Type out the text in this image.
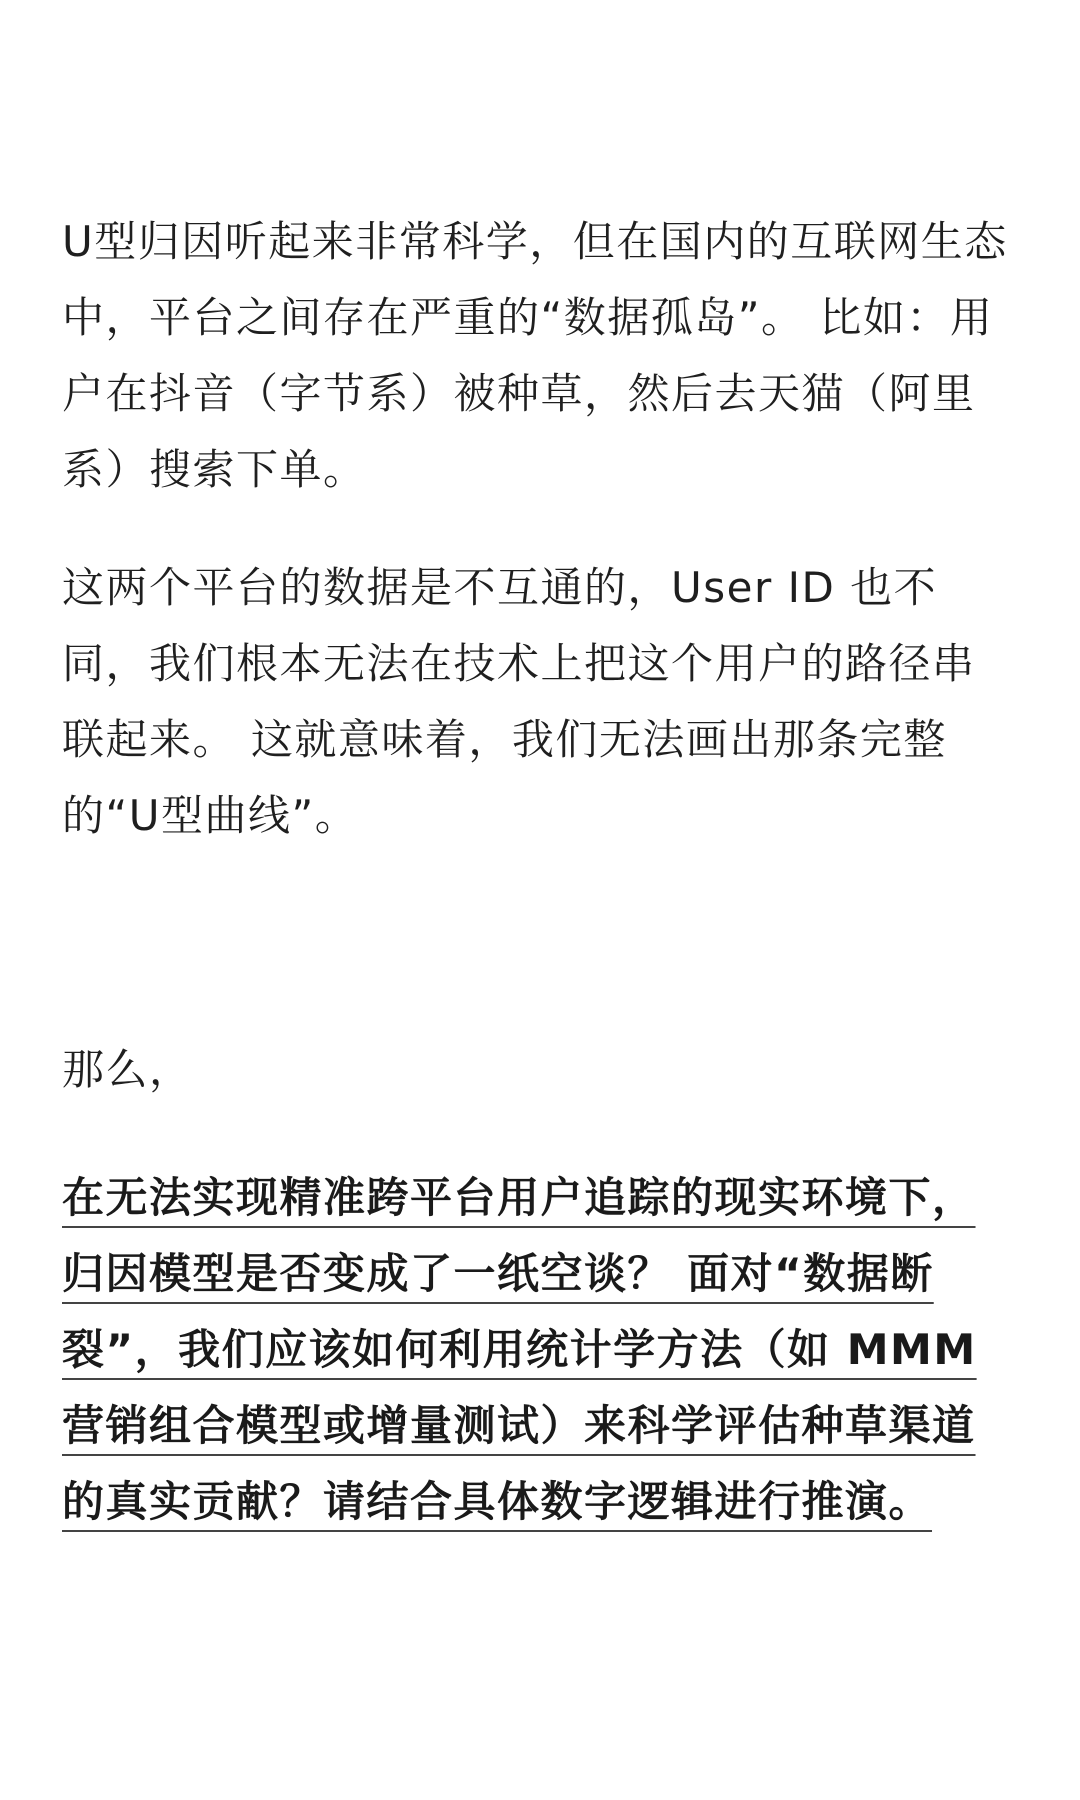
U型归因听起来非常科学，但在国内的互联网生态中，平台之间存在严重的“数据孤岛”。 比如：用户在抖音（字节系）被种草，然后去天猫（阿里系）搜索下单。

这两个平台的数据是不互通的，User ID 也不同，我们根本无法在技术上把这个用户的路径串联起来。 这就意味着，我们无法画出那条完整的“U型曲线”。

那么，

在无法实现精准跨平台用户追踪的现实环境下，归因模型是否变成了一纸空谈？ 面对“数据断裂”，我们应该如何利用统计学方法（如 MMM 营销组合模型或增量测试）来科学评估种草渠道的真实贡献？请结合具体数字逻辑进行推演。
